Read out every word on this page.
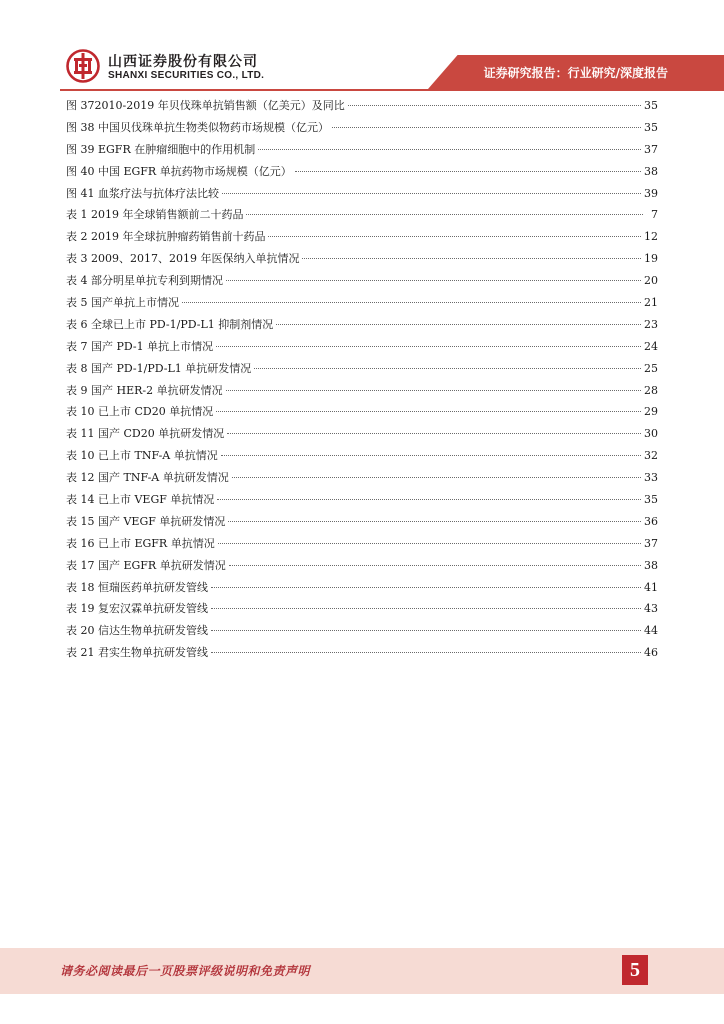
山西证券股份有限公司
SHANXI SECURITIES CO., LTD.	证券研究报告：行业研究/深度报告
图 372010-2019 年贝伐珠单抗销售额（亿美元）及同比	35
图 38 中国贝伐珠单抗生物类似物药市场规模（亿元）	35
图 39 EGFR 在肿瘤细胞中的作用机制	37
图 40 中国 EGFR 单抗药物市场规模（亿元）	38
图 41 血浆疗法与抗体疗法比较	39
表 1 2019 年全球销售额前二十药品	7
表 2 2019 年全球抗肿瘤药销售前十药品	12
表 3 2009、2017、2019 年医保纳入单抗情况	19
表 4 部分明星单抗专利到期情况	20
表 5 国产单抗上市情况	21
表 6 全球已上市 PD-1/PD-L1 抑制剂情况	23
表 7 国产 PD-1 单抗上市情况	24
表 8 国产 PD-1/PD-L1 单抗研发情况	25
表 9 国产 HER-2 单抗研发情况	28
表 10 已上市 CD20 单抗情况	29
表 11 国产 CD20 单抗研发情况	30
表 10 已上市 TNF-A 单抗情况	32
表 12 国产 TNF-A 单抗研发情况	33
表 14 已上市 VEGF 单抗情况	35
表 15 国产 VEGF 单抗研发情况	36
表 16 已上市 EGFR 单抗情况	37
表 17 国产 EGFR 单抗研发情况	38
表 18 恒瑞医药单抗研发管线	41
表 19 复宏汉霖单抗研发管线	43
表 20 信达生物单抗研发管线	44
表 21 君实生物单抗研发管线	46
请务必阅读最后一页股票评级说明和免责声明	5
